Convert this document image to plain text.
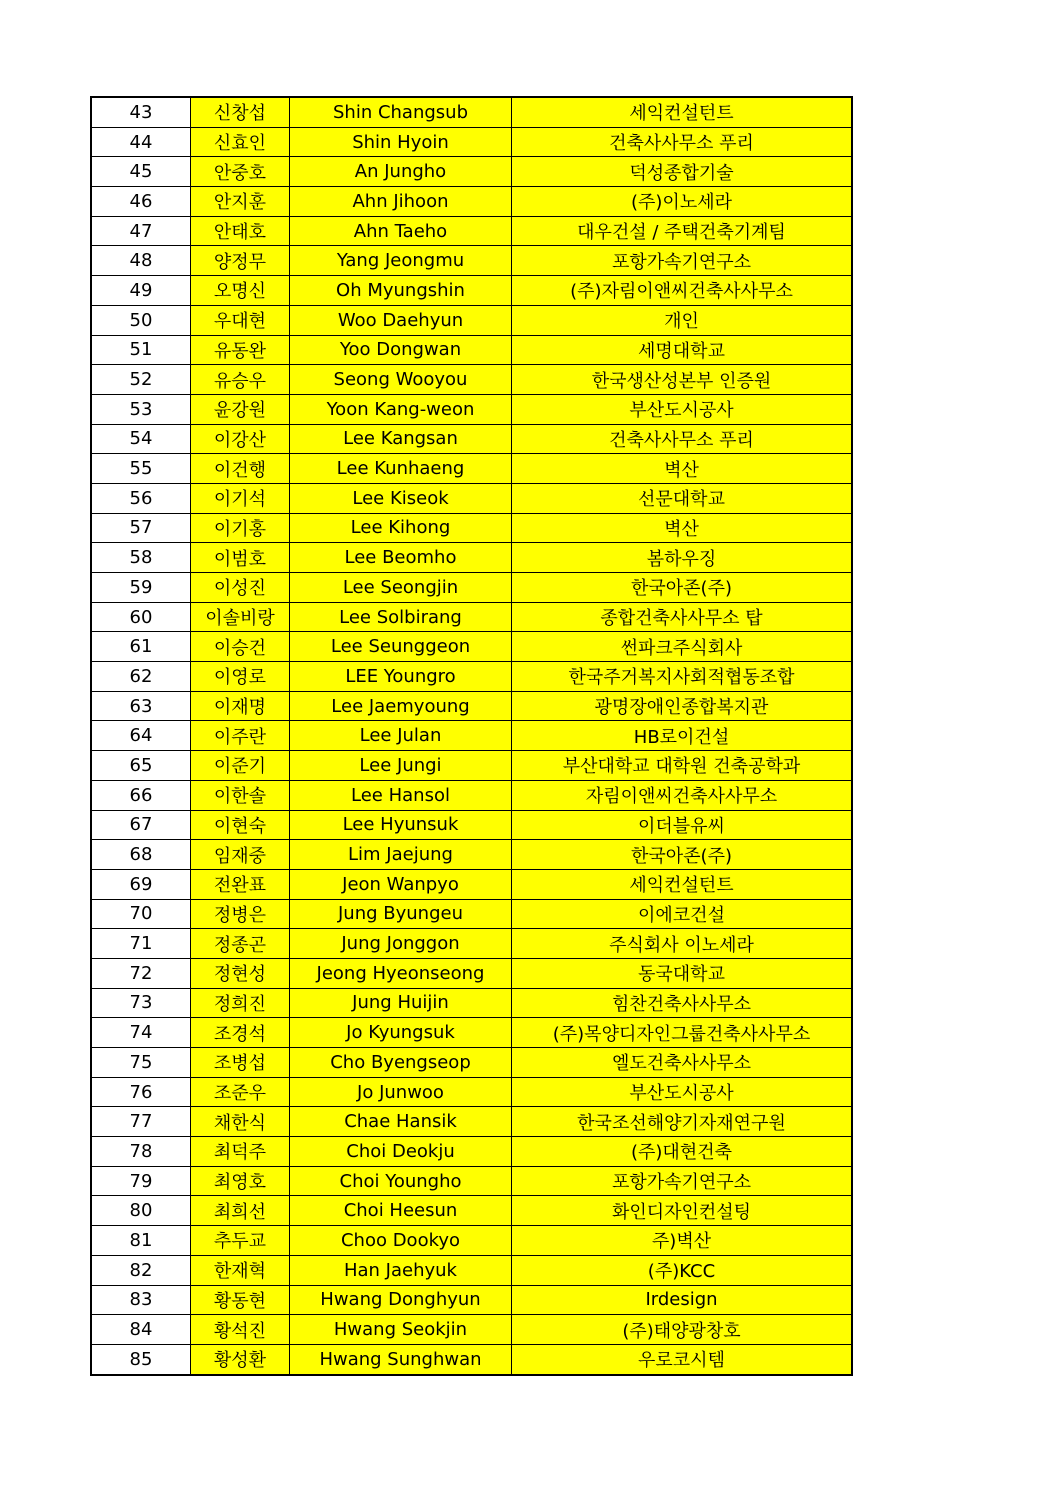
43	신창섭	Shin Changsub	세익컨설턴트
44	신효인	Shin Hyoin	건축사사무소 푸리
45	안중호	An Jungho	덕성종합기술
46	안지훈	Ahn Jihoon	(주)이노세라
47	안태호	Ahn Taeho	대우건설 / 주택건축기계팀
48	양정무	Yang Jeongmu	포항가속기연구소
49	오명신	Oh Myungshin	(주)자림이앤씨건축사사무소
50	우대현	Woo Daehyun	개인
51	유동완	Yoo Dongwan	세명대학교
52	유승우	Seong Wooyou	한국생산성본부 인증원
53	윤강원	Yoon Kang-weon	부산도시공사
54	이강산	Lee Kangsan	건축사사무소 푸리
55	이건행	Lee Kunhaeng	벽산
56	이기석	Lee Kiseok	선문대학교
57	이기홍	Lee Kihong	벽산
58	이범호	Lee Beomho	봄하우징
59	이성진	Lee Seongjin	한국아존(주)
60	이솔비랑	Lee Solbirang	종합건축사사무소 탑
61	이승건	Lee Seunggeon	썬파크주식회사
62	이영로	LEE Youngro	한국주거복지사회적협동조합
63	이재명	Lee Jaemyoung	광명장애인종합복지관
64	이주란	Lee Julan	HB로이건설
65	이준기	Lee Jungi	부산대학교 대학원 건축공학과
66	이한솔	Lee Hansol	자림이앤씨건축사사무소
67	이현숙	Lee Hyunsuk	이더블유씨
68	임재중	Lim Jaejung	한국아존(주)
69	전완표	Jeon Wanpyo	세익컨설턴트
70	정병은	Jung Byungeu	이에코건설
71	정종곤	Jung Jonggon	주식회사 이노세라
72	정현성	Jeong Hyeonseong	동국대학교
73	정희진	Jung Huijin	힘찬건축사사무소
74	조경석	Jo Kyungsuk	(주)목양디자인그룹건축사사무소
75	조병섭	Cho Byengseop	엘도건축사사무소
76	조준우	Jo Junwoo	부산도시공사
77	채한식	Chae Hansik	한국조선해양기자재연구원
78	최덕주	Choi Deokju	(주)대현건축
79	최영호	Choi Youngho	포항가속기연구소
80	최희선	Choi Heesun	화인디자인컨설팅
81	추두교	Choo Dookyo	주)벽산
82	한재혁	Han Jaehyuk	(주)KCC
83	황동현	Hwang Donghyun	Irdesign
84	황석진	Hwang Seokjin	(주)태양광창호
85	황성환	Hwang Sunghwan	우로코시템
